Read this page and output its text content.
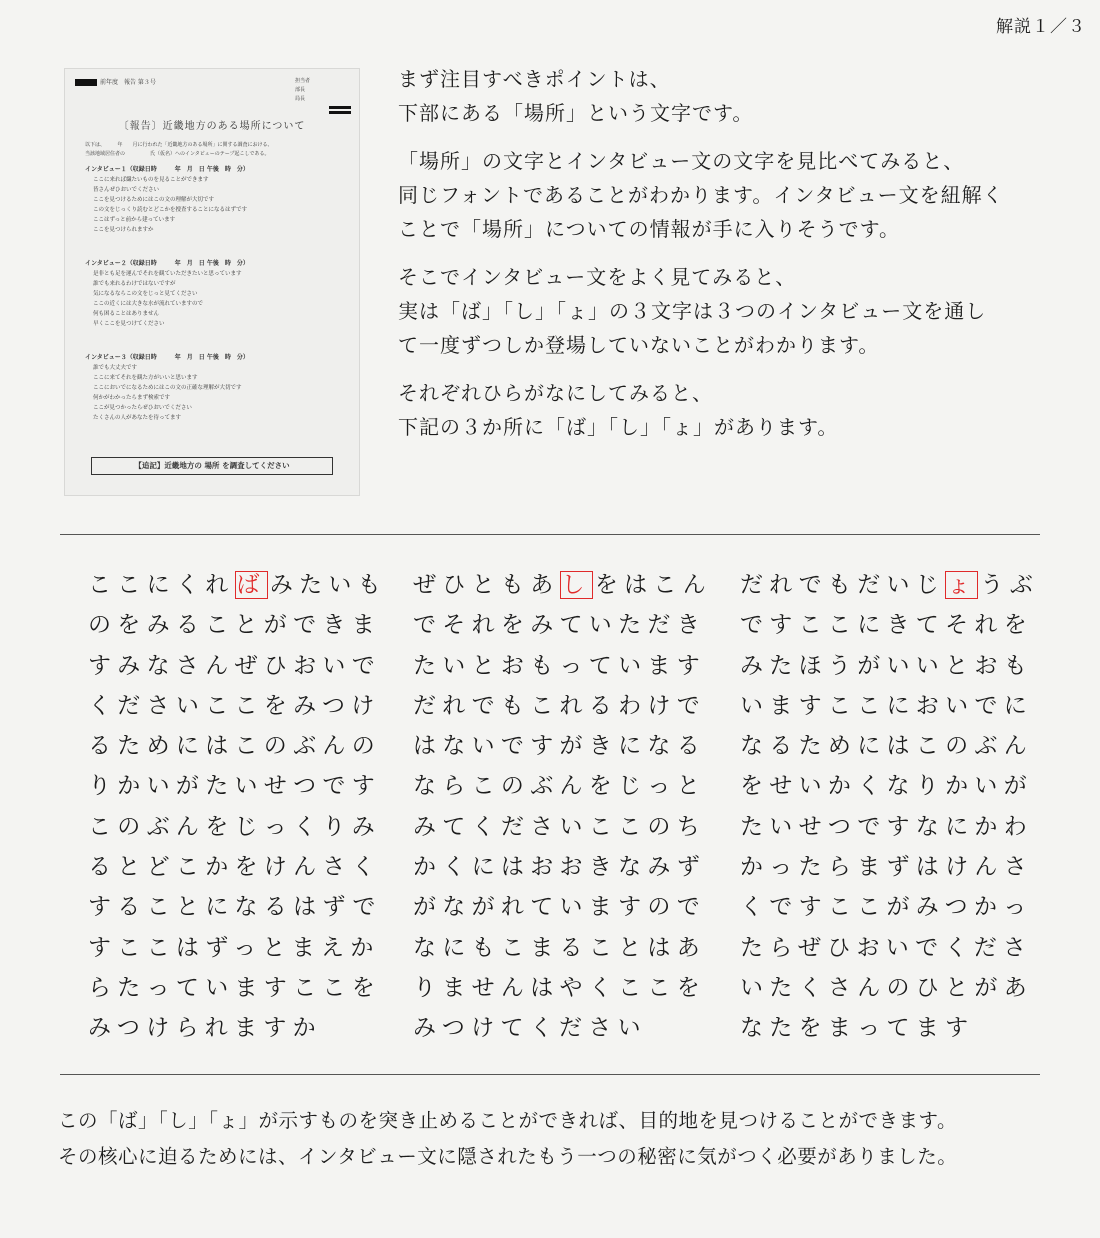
解説１／３
前年度　報告 第３号	担当者
部長
局長
〔報告〕近畿地方のある場所について
以下は、　　　年　　月に行われた「近畿地方のある場所」に関する調査における、
当該地域居住者の　　　　　氏（仮名）へのインタビューのテープ起こしである。
インタビュー１（収録日時　　　年　月　日 午後　時　分）
ここに来れば繊たいものを見ることができます
皆さんぜひおいでください
ここを見つけるためにはこの文の理解が大切です
この文をじっくり読むとどこかを捜査することになるはずです
ここはずっと前から建っています
ここを見つけられますか
インタビュー２（収録日時　　　年　月　日 午後　時　分）
是非とも足を運んでそれを観ていただきたいと思っています
誰でも来れるわけではないですが
気になるならこの文をじっと見てください
ここの近くには大きな水が流れていますので
何も困ることはありません
早くここを見つけてください
インタビュー３（収録日時　　　年　月　日 午後　時　分）
誰でも大丈夫です
ここに来てそれを観た方がいいと思います
ここにおいでになるためにはこの文の正確な理解が大切です
何かがわかったらまず検索です
ここが見つかったらぜひおいでください
たくさんの人があなたを待ってます
【追記】近畿地方の 場所 を調査してください

まず注目すべきポイントは、
下部にある「場所」という文字です。

「場所」の文字とインタビュー文の文字を見比べてみると、
同じフォントであることがわかります。インタビュー文を紐解く
ことで「場所」についての情報が手に入りそうです。

そこでインタビュー文をよく見てみると、
実は「ば」「し」「ょ」の３文字は３つのインタビュー文を通し
て一度ずつしか登場していないことがわかります。

それぞれひらがなにしてみると、
下記の３か所に「ば」「し」「ょ」があります。

ここにくれば みたいも
のをみることができま
すみなさんぜひおいで
くださいここをみつけ
るためにはこのぶんの
りかいがたいせつです
このぶんをじっくりみ
るとどこかをけんさく
することになるはずで
すここはずっとまえか
らたっていますここを
みつけられますか
ぜひともあし をはこん
でそれをみていただき
たいとおもっています
だれでもこれるわけで
はないですがきになる
ならこのぶんをじっと
みてくださいここのち
かくにはおおきなみず
がながれていますので
なにもこまることはあ
りませんはやくここを
みつけてください
だれでもだいじょ うぶ
ですここにきてそれを
みたほうがいいとおも
いますここにおいでに
なるためにはこのぶん
をせいかくなりかいが
たいせつですなにかわ
かったらまずはけんさ
くですここがみつかっ
たらぜひおいでくださ
いたくさんのひとがあ
なたをまってます
この「ば」「し」「ょ」が示すものを突き止めることができれば、目的地を見つけることができます。
その核心に迫るためには、インタビュー文に隠されたもう一つの秘密に気がつく必要がありました。
